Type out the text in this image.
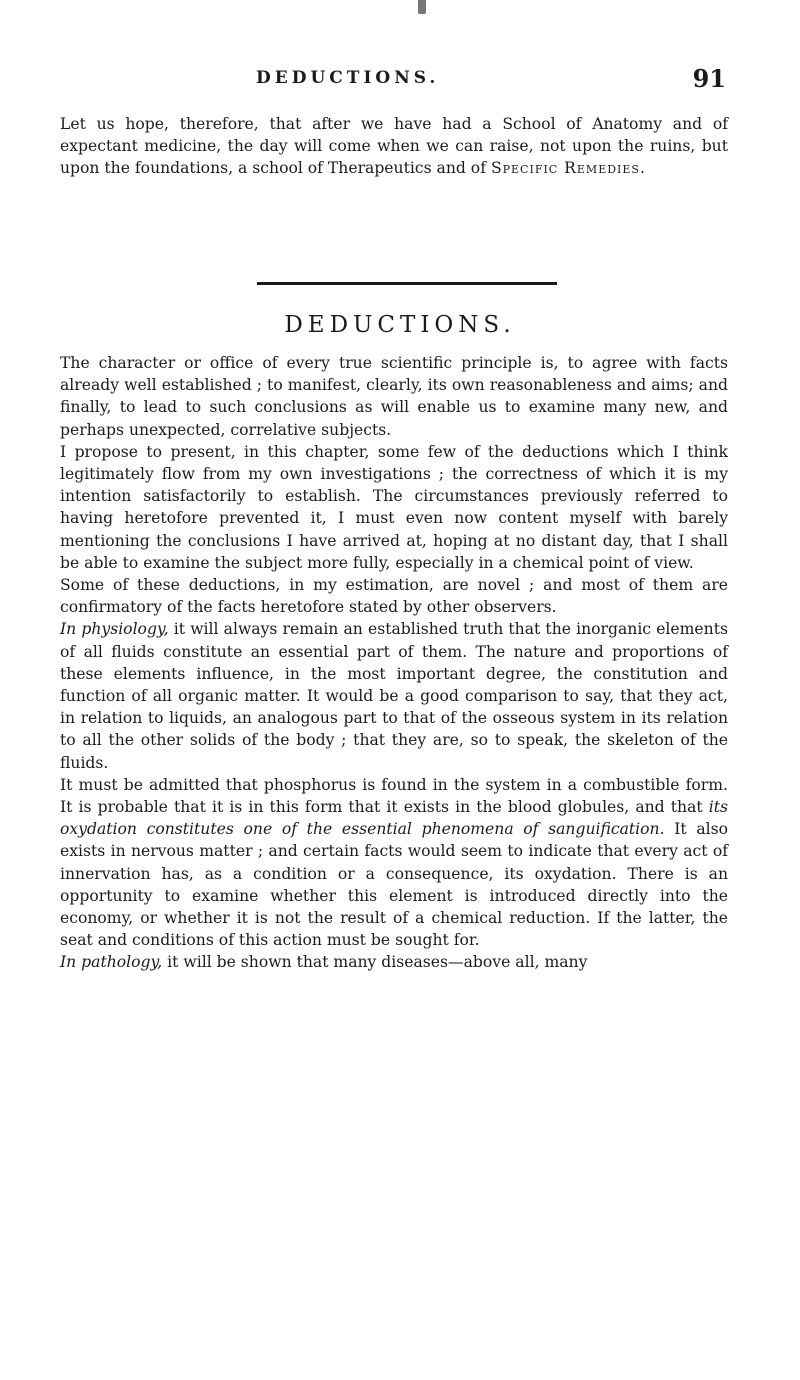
DEDUCTIONS.	91

Let us hope, therefore, that after we have had a School of Anatomy and of expectant medicine, the day will come when we can raise, not upon the ruins, but upon the foundations, a school of Therapeutics and of Specific Remedies.

DEDUCTIONS.

The character or office of every true scientific principle is, to agree with facts already well established ; to manifest, clearly, its own reasonableness and aims; and finally, to lead to such conclusions as will enable us to examine many new, and perhaps unexpected, correlative subjects.

I propose to present, in this chapter, some few of the deductions which I think legitimately flow from my own investigations ; the correctness of which it is my intention satisfactorily to establish. The circumstances previously referred to having heretofore prevented it, I must even now content myself with barely mentioning the conclusions I have arrived at, hoping at no distant day, that I shall be able to examine the subject more fully, especially in a chemical point of view.

Some of these deductions, in my estimation, are novel ; and most of them are confirmatory of the facts heretofore stated by other observers.

In physiology, it will always remain an established truth that the inorganic elements of all fluids constitute an essential part of them. The nature and proportions of these elements influence, in the most important degree, the constitution and function of all organic matter. It would be a good comparison to say, that they act, in relation to liquids, an analogous part to that of the osseous system in its relation to all the other solids of the body ; that they are, so to speak, the skeleton of the fluids.

It must be admitted that phosphorus is found in the system in a combustible form. It is probable that it is in this form that it exists in the blood globules, and that its oxydation constitutes one of the essential phenomena of sanguification. It also exists in nervous matter ; and certain facts would seem to indicate that every act of innervation has, as a condition or a consequence, its oxydation. There is an opportunity to examine whether this element is introduced directly into the economy, or whether it is not the result of a chemical reduction. If the latter, the seat and conditions of this action must be sought for.

In pathology, it will be shown that many diseases—above all, many
